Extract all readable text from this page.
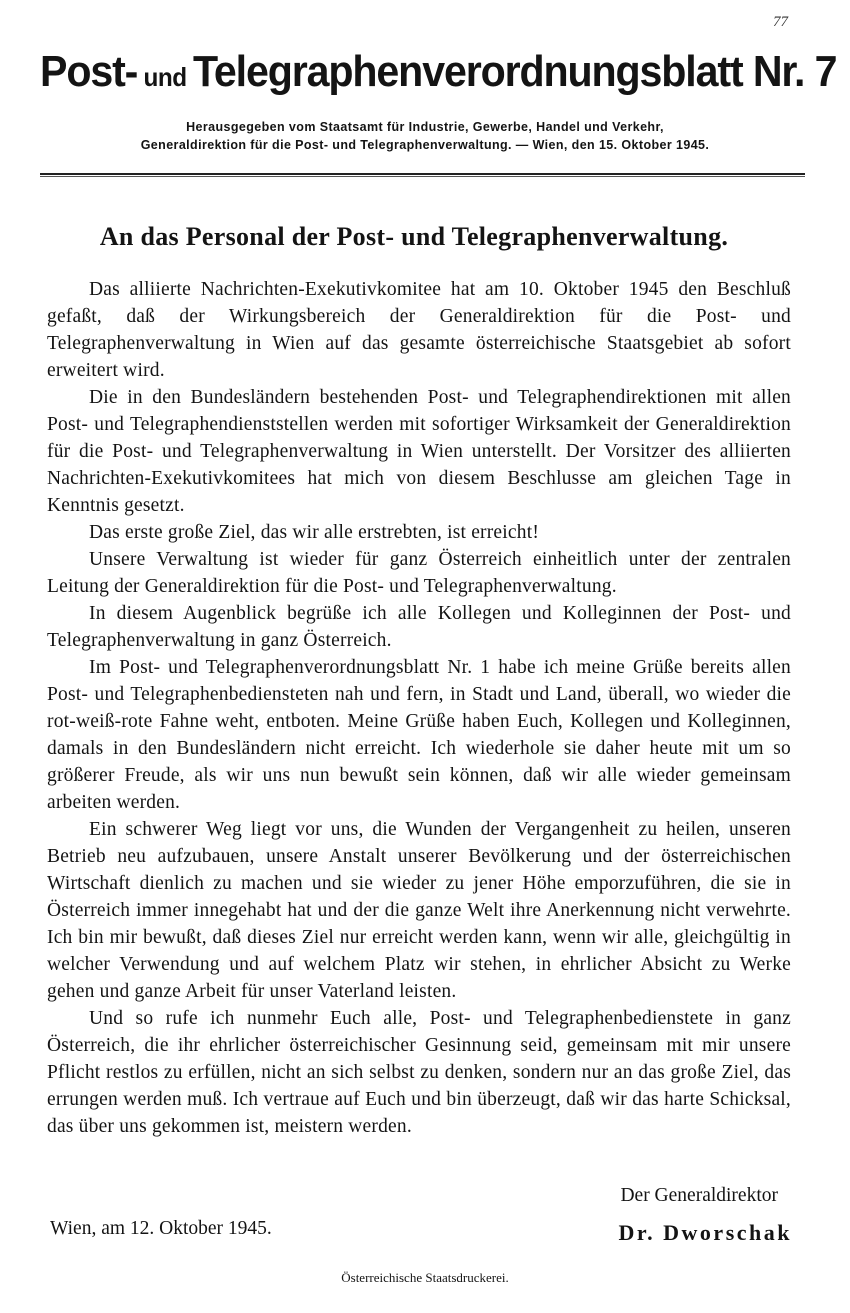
77
Post- und Telegraphenverordnungsblatt Nr. 7
Herausgegeben vom Staatsamt für Industrie, Gewerbe, Handel und Verkehr,
Generaldirektion für die Post- und Telegraphenverwaltung. — Wien, den 15. Oktober 1945.
An das Personal der Post- und Telegraphenverwaltung.

Das alliierte Nachrichten-Exekutivkomitee hat am 10. Oktober 1945 den Beschluß gefaßt, daß der Wirkungsbereich der Generaldirektion für die Post- und Telegraphenverwaltung in Wien auf das gesamte österreichische Staatsgebiet ab sofort erweitert wird.

Die in den Bundesländern bestehenden Post- und Telegraphendirektionen mit allen Post- und Telegraphendienststellen werden mit sofortiger Wirksamkeit der Generaldirektion für die Post- und Telegraphenverwaltung in Wien unterstellt. Der Vorsitzer des alliierten Nachrichten-Exekutivkomitees hat mich von diesem Beschlusse am gleichen Tage in Kenntnis gesetzt.

Das erste große Ziel, das wir alle erstrebten, ist erreicht!

Unsere Verwaltung ist wieder für ganz Österreich einheitlich unter der zentralen Leitung der Generaldirektion für die Post- und Telegraphenverwaltung.

In diesem Augenblick begrüße ich alle Kollegen und Kolleginnen der Post- und Telegraphenverwaltung in ganz Österreich.

Im Post- und Telegraphenverordnungsblatt Nr. 1 habe ich meine Grüße bereits allen Post- und Telegraphenbediensteten nah und fern, in Stadt und Land, überall, wo wieder die rot-weiß-rote Fahne weht, entboten. Meine Grüße haben Euch, Kollegen und Kolleginnen, damals in den Bundesländern nicht erreicht. Ich wiederhole sie daher heute mit um so größerer Freude, als wir uns nun bewußt sein können, daß wir alle wieder gemeinsam arbeiten werden.

Ein schwerer Weg liegt vor uns, die Wunden der Vergangenheit zu heilen, unseren Betrieb neu aufzubauen, unsere Anstalt unserer Bevölkerung und der österreichischen Wirtschaft dienlich zu machen und sie wieder zu jener Höhe emporzuführen, die sie in Österreich immer innegehabt hat und der die ganze Welt ihre Anerkennung nicht verwehrte. Ich bin mir bewußt, daß dieses Ziel nur erreicht werden kann, wenn wir alle, gleichgültig in welcher Verwendung und auf welchem Platz wir stehen, in ehrlicher Absicht zu Werke gehen und ganze Arbeit für unser Vaterland leisten.

Und so rufe ich nunmehr Euch alle, Post- und Telegraphenbedienstete in ganz Österreich, die ihr ehrlicher österreichischer Gesinnung seid, gemeinsam mit mir unsere Pflicht restlos zu erfüllen, nicht an sich selbst zu denken, sondern nur an das große Ziel, das errungen werden muß. Ich vertraue auf Euch und bin überzeugt, daß wir das harte Schicksal, das über uns gekommen ist, meistern werden.

Der Generaldirektor
Wien, am 12. Oktober 1945.	Dr. Dworschak
Österreichische Staatsdruckerei.
